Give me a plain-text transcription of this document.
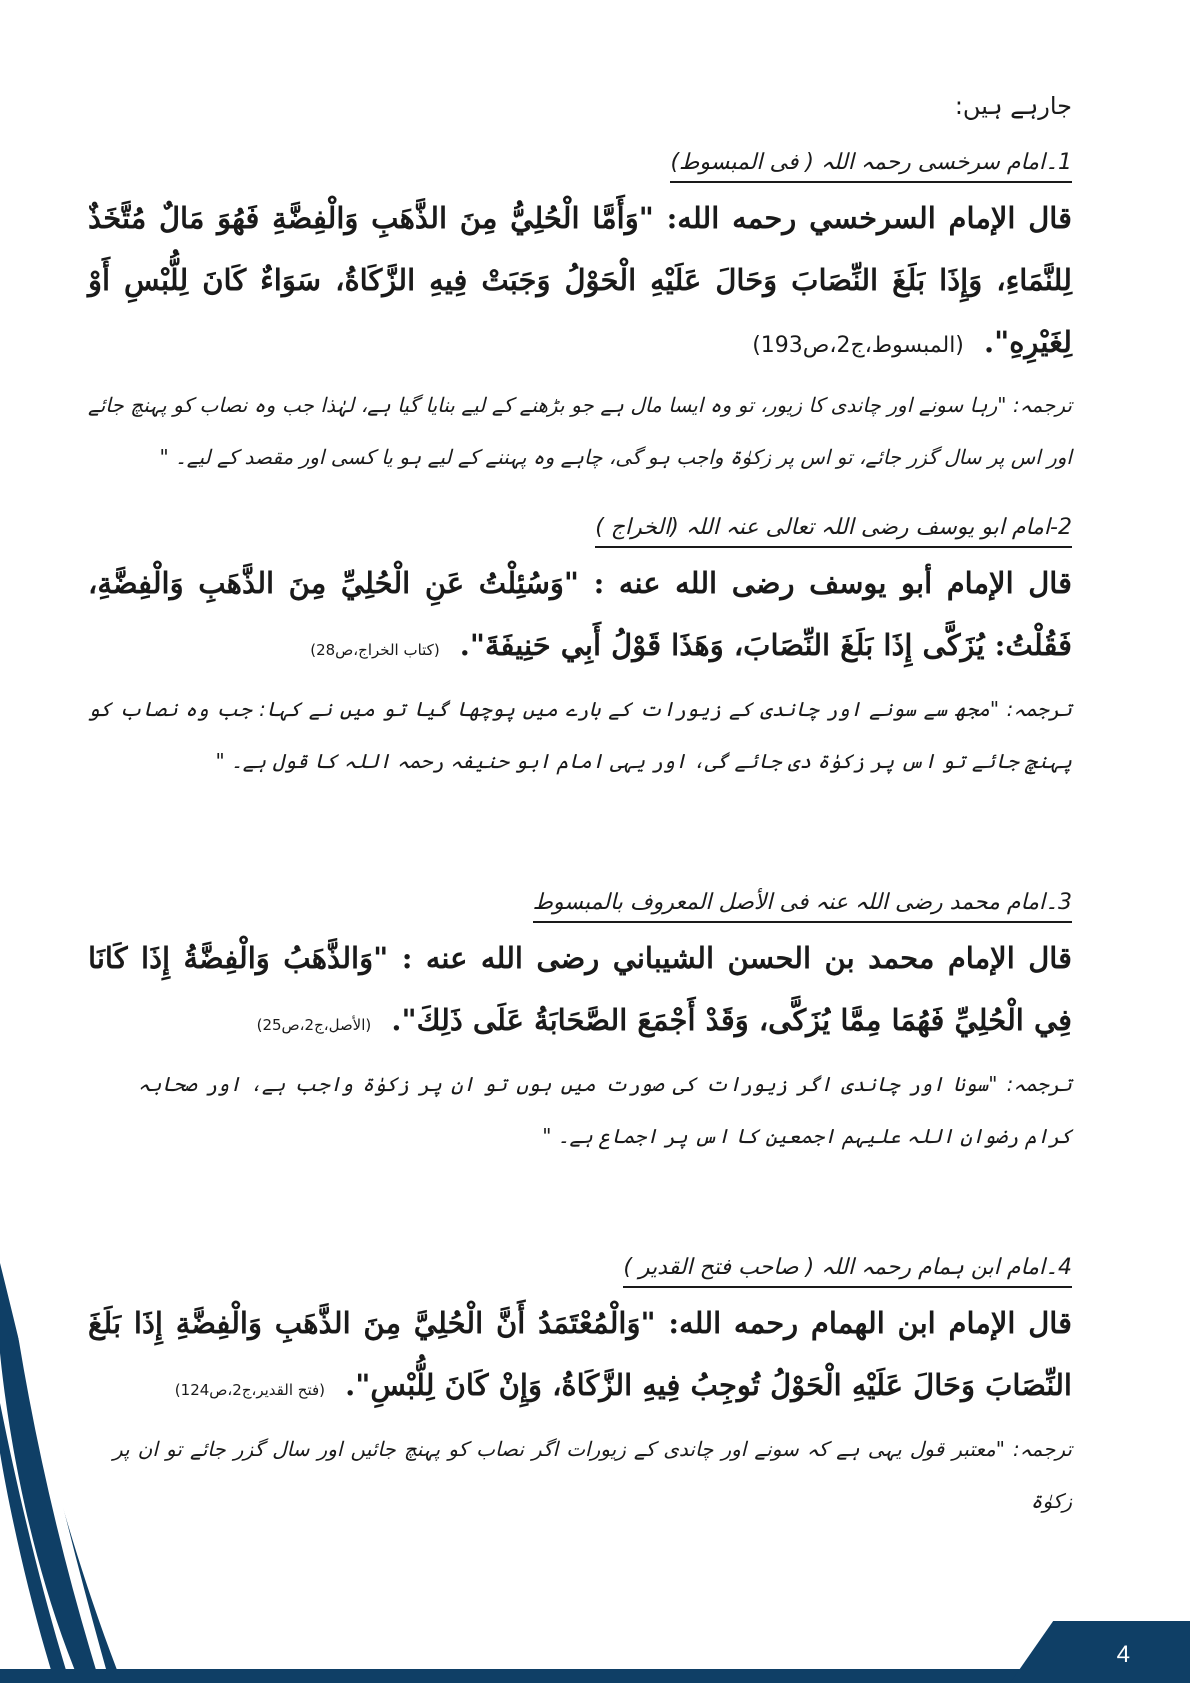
جارہے ہیں:
1۔امام سرخسی رحمہ اللہ ( فی المبسوط)
قال الإمام السرخسي رحمه الله: "وَأَمَّا الْحُلِيُّ مِنَ الذَّهَبِ وَالْفِضَّةِ فَهُوَ مَالٌ مُتَّخَذٌ لِلنَّمَاءِ، وَإِذَا بَلَغَ النِّصَابَ وَحَالَ عَلَيْهِ الْحَوْلُ وَجَبَتْ فِيهِ الزَّكَاةُ، سَوَاءٌ كَانَ لِلُّبْسِ أَوْ لِغَيْرِهِ". (المبسوط،ج2،ص193)
ترجمہ: "رہا سونے اور چاندی کا زیور، تو وہ ایسا مال ہے جو بڑھنے کے لیے بنایا گیا ہے، لہٰذا جب وہ نصاب کو پہنچ جائے اور اس پر سال گزر جائے، تو اس پر زکوٰۃ واجب ہو گی، چاہے وہ پہننے کے لیے ہو یا کسی اور مقصد کے لیے۔ "
2-امام ابو یوسف رضی اللہ تعالی عنہ اللہ (الخراج )
قال الإمام أبو يوسف رضى الله عنه : "وَسُئِلْتُ عَنِ الْحُلِيِّ مِنَ الذَّهَبِ وَالْفِضَّةِ، فَقُلْتُ: يُزَكَّى إِذَا بَلَغَ النِّصَابَ، وَهَذَا قَوْلُ أَبِي حَنِيفَةَ". (کتاب الخراج،ص28)
ترجمہ: "مجھ سے سونے اور چاندی کے زیورات کے بارے میں پوچھا گیا تو میں نے کہا: جب وہ نصاب کو پہنچ جائے تو اس پر زکوٰۃ دی جائے گی، اور یہی امام ابو حنیفہ رحمہ اللہ کا قول ہے۔ "
3۔امام محمد رضی اللہ عنہ فی الأصل المعروف بالمبسوط
قال الإمام محمد بن الحسن الشيباني رضى الله عنه : "وَالذَّهَبُ وَالْفِضَّةُ إِذَا كَانَا فِي الْحُلِيِّ فَهُمَا مِمَّا يُزَكَّى، وَقَدْ أَجْمَعَ الصَّحَابَةُ عَلَى ذَلِكَ". (الأصل،ج2،ص25)
ترجمہ: "سونا اور چاندی اگر زیورات کی صورت میں ہوں تو ان پر زکوٰۃ واجب ہے، اور صحابہ کرام رضوان اللہ علیہم اجمعین کا اس پر اجماع ہے۔ "
4۔امام ابن ہمام رحمہ اللہ ( صاحب فتح القدیر )
قال الإمام ابن الهمام رحمه الله: "وَالْمُعْتَمَدُ أَنَّ الْحُلِيَّ مِنَ الذَّهَبِ وَالْفِضَّةِ إِذَا بَلَغَ النِّصَابَ وَحَالَ عَلَيْهِ الْحَوْلُ تُوجِبُ فِيهِ الزَّكَاةُ، وَإِنْ كَانَ لِلُّبْسِ". (فتح القدیر،ج2،ص124)
ترجمہ: "معتبر قول یہی ہے کہ سونے اور چاندی کے زیورات اگر نصاب کو پہنچ جائیں اور سال گزر جائے تو ان پر زکوٰۃ
4
